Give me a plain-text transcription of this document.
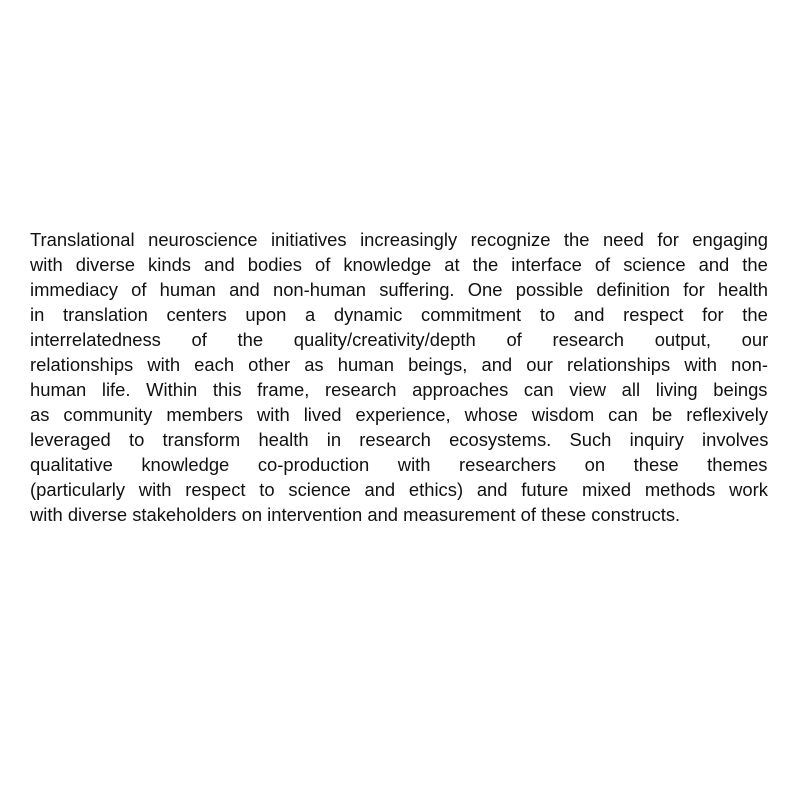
Translational neuroscience initiatives increasingly recognize the need for engaging
with diverse kinds and bodies of knowledge at the interface of science and the
immediacy of human and non-human suffering. One possible definition for health
in translation centers upon a dynamic commitment to and respect for the
interrelatedness of the quality/creativity/depth of research output, our
relationships with each other as human beings, and our relationships with non-
human life. Within this frame, research approaches can view all living beings
as community members with lived experience, whose wisdom can be reflexively
leveraged to transform health in research ecosystems. Such inquiry involves
qualitative knowledge co-production with researchers on these themes
(particularly with respect to science and ethics) and future mixed methods work
with diverse stakeholders on intervention and measurement of these constructs.
